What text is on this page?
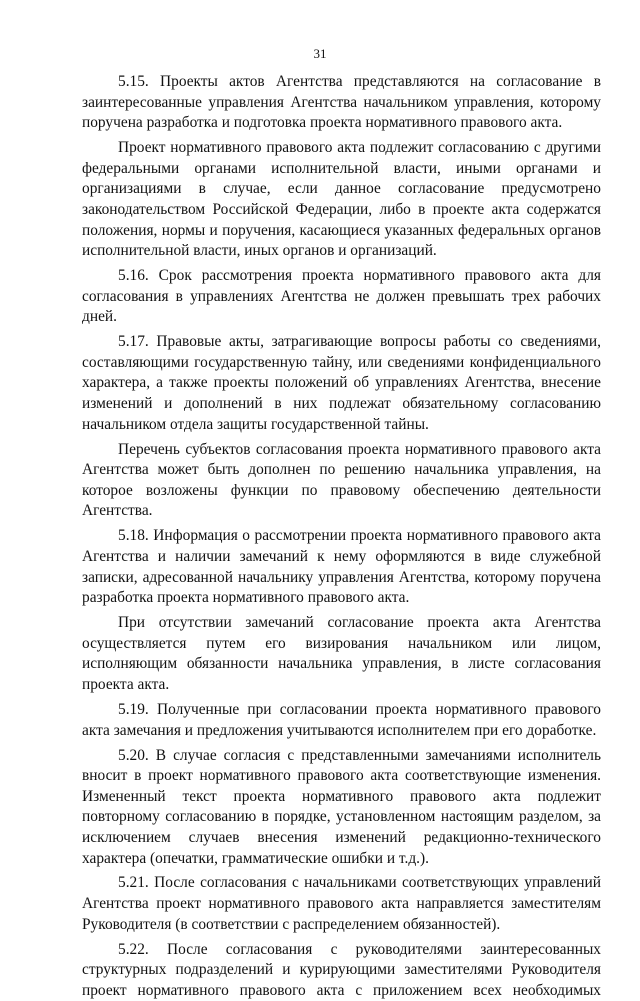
31

5.15. Проекты актов Агентства представляются на согласование в заинтересованные управления Агентства начальником управления, которому поручена разработка и подготовка проекта нормативного правового акта.

Проект нормативного правового акта подлежит согласованию с другими федеральными органами исполнительной власти, иными органами и организациями в случае, если данное согласование предусмотрено законодательством Российской Федерации, либо в проекте акта содержатся положения, нормы и поручения, касающиеся указанных федеральных органов исполнительной власти, иных органов и организаций.

5.16. Срок рассмотрения проекта нормативного правового акта для согласования в управлениях Агентства не должен превышать трех рабочих дней.

5.17. Правовые акты, затрагивающие вопросы работы со сведениями, составляющими государственную тайну, или сведениями конфиденциального характера, а также проекты положений об управлениях Агентства, внесение изменений и дополнений в них подлежат обязательному согласованию начальником отдела защиты государственной тайны.

Перечень субъектов согласования проекта нормативного правового акта Агентства может быть дополнен по решению начальника управления, на которое возложены функции по правовому обеспечению деятельности Агентства.

5.18. Информация о рассмотрении проекта нормативного правового акта Агентства и наличии замечаний к нему оформляются в виде служебной записки, адресованной начальнику управления Агентства, которому поручена разработка проекта нормативного правового акта.

При отсутствии замечаний согласование проекта акта Агентства осуществляется путем его визирования начальником или лицом, исполняющим обязанности начальника управления, в листе согласования проекта акта.

5.19. Полученные при согласовании проекта нормативного правового акта замечания и предложения учитываются исполнителем при его доработке.

5.20. В случае согласия с представленными замечаниями исполнитель вносит в проект нормативного правового акта соответствующие изменения. Измененный текст проекта нормативного правового акта подлежит повторному согласованию в порядке, установленном настоящим разделом, за исключением случаев внесения изменений редакционно-технического характера (опечатки, грамматические ошибки и т.д.).

5.21. После согласования с начальниками соответствующих управлений Агентства проект нормативного правового акта направляется заместителям Руководителя (в соответствии с распределением обязанностей).

5.22. После согласования с руководителями заинтересованных структурных подразделений и курирующими заместителями Руководителя проект нормативного правового акта с приложением всех необходимых
